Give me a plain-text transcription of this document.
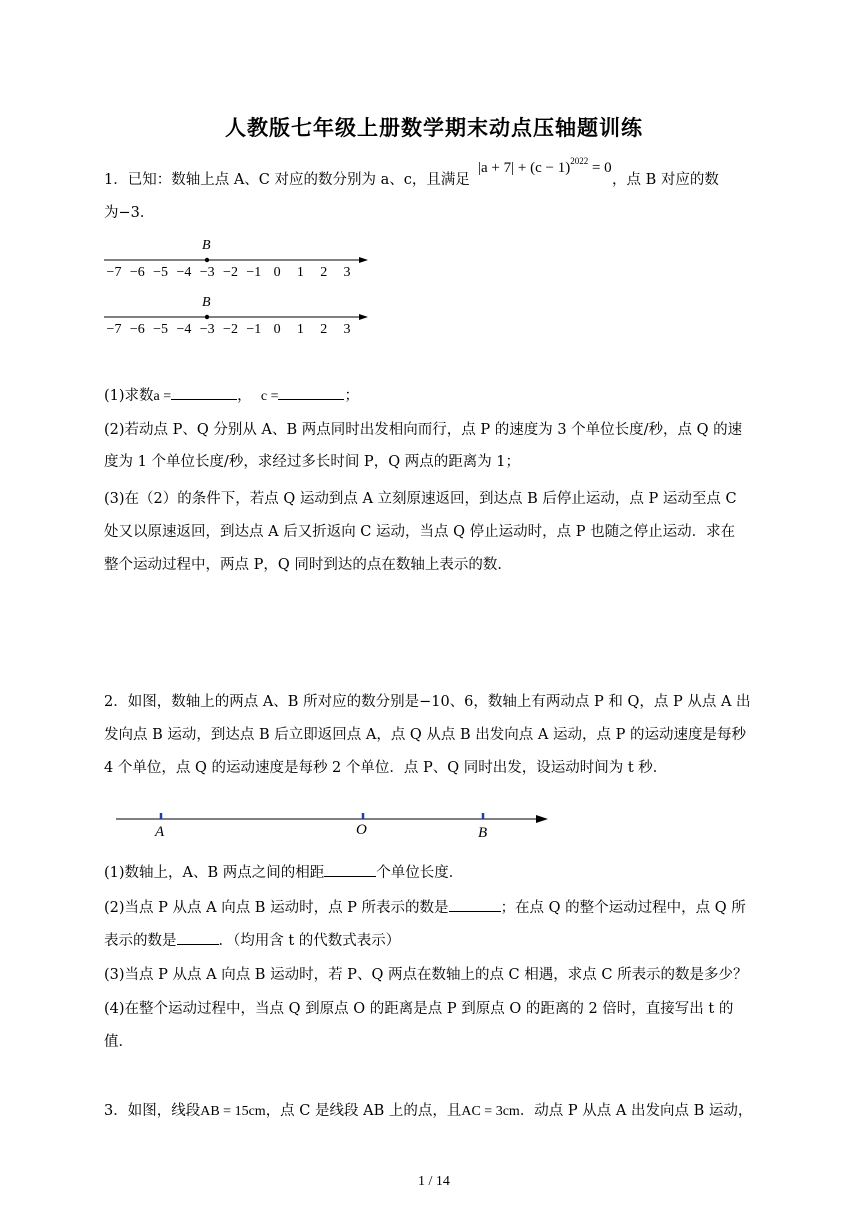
人教版七年级上册数学期末动点压轴题训练
1．已知：数轴上点 A、C 对应的数分别为 a、c，且满足
$|a + 7| + (c - 1)^{2022} = 0$
，点 B 对应的数
为−3．
B
−7 −6 −5 −4 −3 −2 −1 0 1 2 3
B
−7 −6 −5 −4 −3 −2 −1 0 1 2 3
(1)求数a =	，  c =	；
(2)若动点 P、Q 分别从 A、B 两点同时出发相向而行，点 P 的速度为 3 个单位长度/秒，点 Q 的速
度为 1 个单位长度/秒，求经过多长时间 P，Q 两点的距离为 1；
(3)在（2）的条件下，若点 Q 运动到点 A 立刻原速返回，到达点 B 后停止运动，点 P 运动至点 C
处又以原速返回，到达点 A 后又折返向 C 运动，当点 Q 停止运动时，点 P 也随之停止运动．求在
整个运动过程中，两点 P，Q 同时到达的点在数轴上表示的数．
2．如图，数轴上的两点 A、B 所对应的数分别是−10、6，数轴上有两动点 P 和 Q，点 P 从点 A 出
发向点 B 运动，到达点 B 后立即返回点 A，点 Q 从点 B 出发向点 A 运动，点 P 的运动速度是每秒
4 个单位，点 Q 的运动速度是每秒 2 个单位．点 P、Q 同时出发，设运动时间为 t 秒．
A	O	B
(1)数轴上，A、B 两点之间的相距	个单位长度．
(2)当点 P 从点 A 向点 B 运动时，点 P 所表示的数是	；在点 Q 的整个运动过程中，点 Q 所
表示的数是	．（均用含 t 的代数式表示）
(3)当点 P 从点 A 向点 B 运动时，若 P、Q 两点在数轴上的点 C 相遇，求点 C 所表示的数是多少？
(4)在整个运动过程中，当点 Q 到原点 O 的距离是点 P 到原点 O 的距离的 2 倍时，直接写出 t 的
值．
3．如图，线段AB = 15cm，点 C 是线段 AB 上的点，且AC = 3cm．动点 P 从点 A 出发向点 B 运动，
1 / 14
